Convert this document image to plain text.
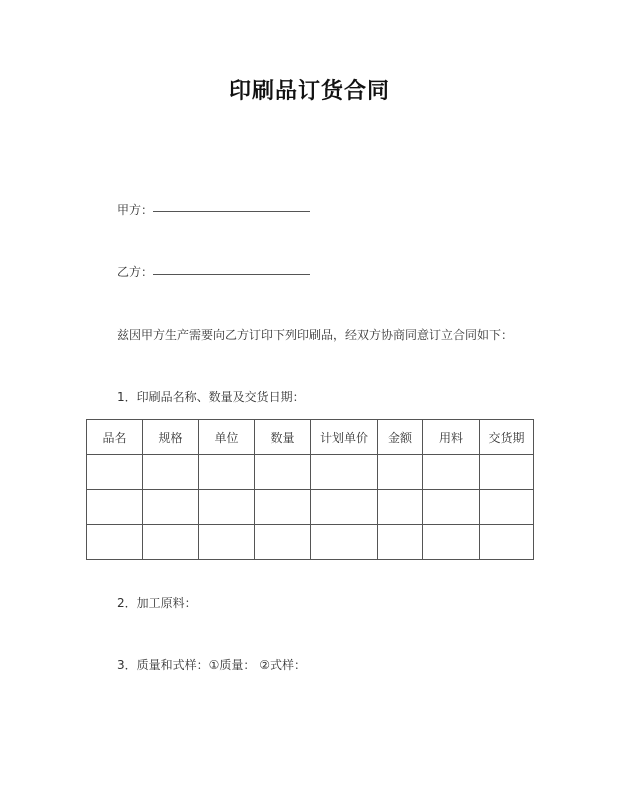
印刷品订货合同
甲方：
乙方：
兹因甲方生产需要向乙方订印下列印刷品，经双方协商同意订立合同如下：
1．印刷品名称、数量及交货日期：
品名	规格	单位	数量	计划单价	金额	用料	交货期

2．加工原料：
3．质量和式样：①质量： ②式样：
